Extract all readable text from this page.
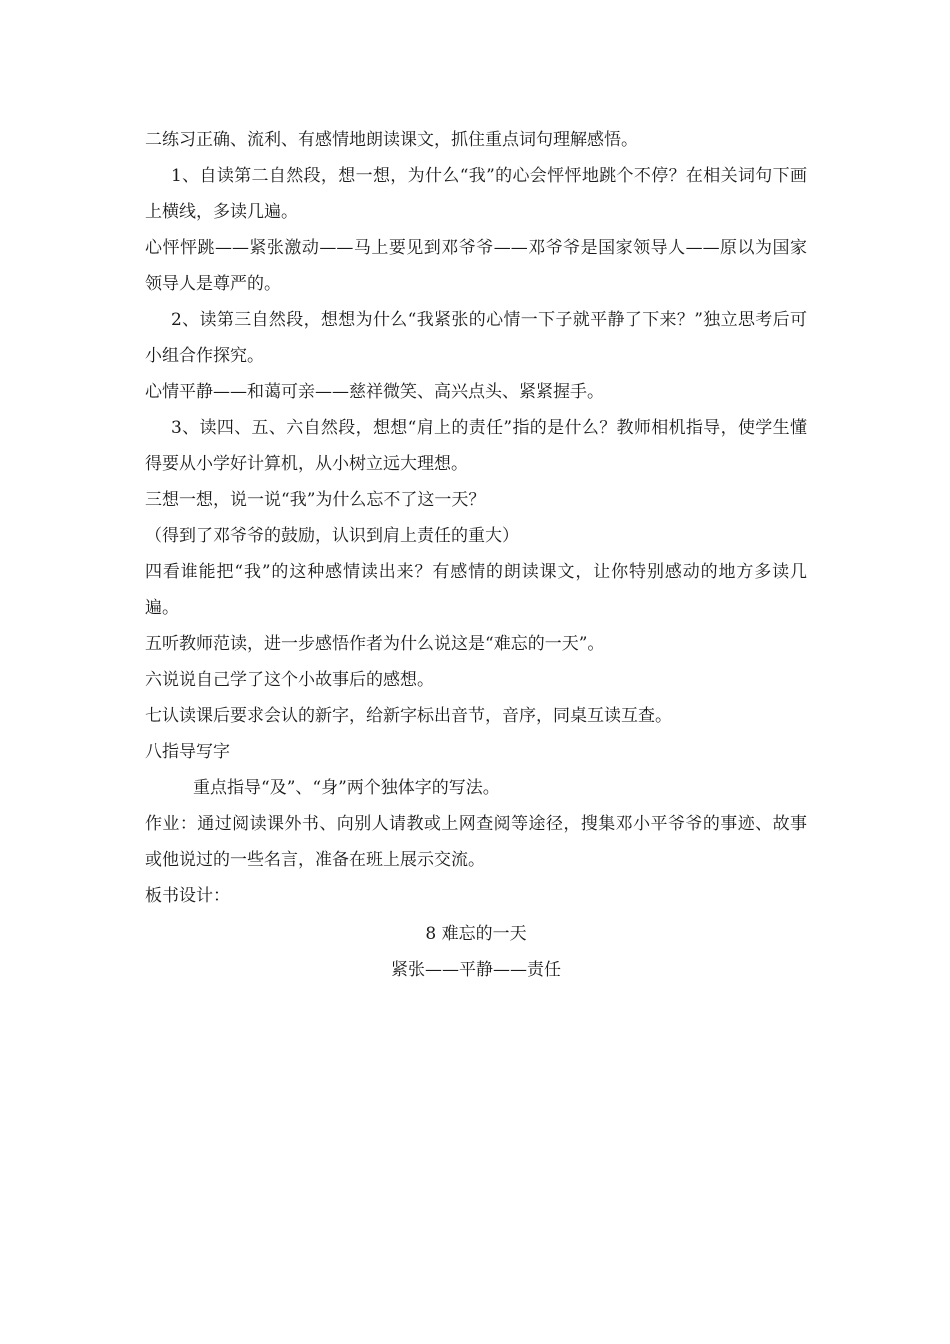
二练习正确、流利、有感情地朗读课文，抓住重点词句理解感悟。

1、自读第二自然段，想一想，为什么“我”的心会怦怦地跳个不停？在相关词句下画上横线，多读几遍。

心怦怦跳——紧张激动——马上要见到邓爷爷——邓爷爷是国家领导人——原以为国家领导人是尊严的。

2、读第三自然段，想想为什么“我紧张的心情一下子就平静了下来？”独立思考后可小组合作探究。

心情平静——和蔼可亲——慈祥微笑、高兴点头、紧紧握手。

3、读四、五、六自然段，想想“肩上的责任”指的是什么？教师相机指导，使学生懂得要从小学好计算机，从小树立远大理想。

三想一想，说一说“我”为什么忘不了这一天？

（得到了邓爷爷的鼓励，认识到肩上责任的重大）

四看谁能把“我”的这种感情读出来？有感情的朗读课文，让你特别感动的地方多读几遍。

五听教师范读，进一步感悟作者为什么说这是“难忘的一天”。

六说说自己学了这个小故事后的感想。

七认读课后要求会认的新字，给新字标出音节，音序，同桌互读互查。

八指导写字

重点指导“及”、“身”两个独体字的写法。

作业：通过阅读课外书、向别人请教或上网查阅等途径，搜集邓小平爷爷的事迹、故事或他说过的一些名言，准备在班上展示交流。

板书设计：

8 难忘的一天

紧张——平静——责任
